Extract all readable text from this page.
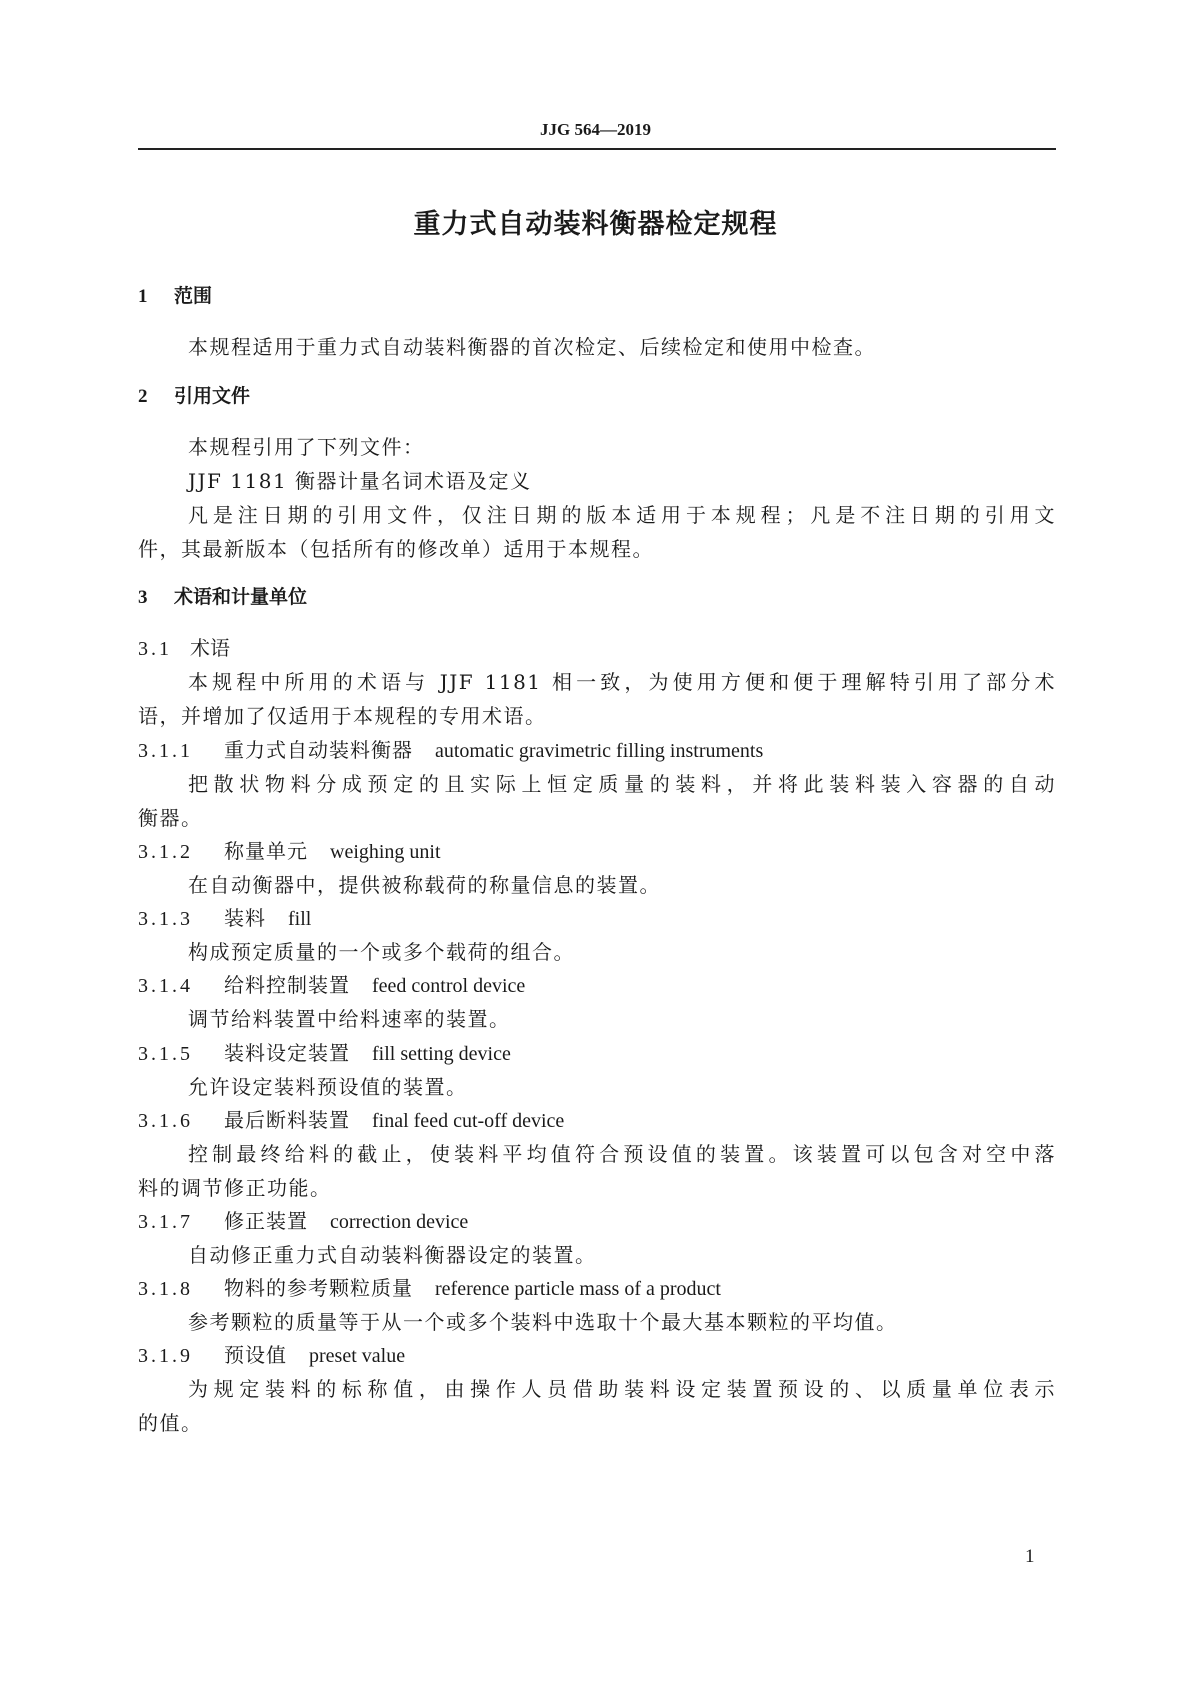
JJG 564—2019
重力式自动装料衡器检定规程
1 范围
本规程适用于重力式自动装料衡器的首次检定、后续检定和使用中检查。
2 引用文件
本规程引用了下列文件：
JJF 1181 衡器计量名词术语及定义
凡是注日期的引用文件，仅注日期的版本适用于本规程；凡是不注日期的引用文
件，其最新版本（包括所有的修改单）适用于本规程。
3 术语和计量单位
3.1 术语
本规程中所用的术语与 JJF 1181 相一致，为使用方便和便于理解特引用了部分术
语，并增加了仅适用于本规程的专用术语。
3.1.1 重力式自动装料衡器 automatic gravimetric filling instruments
把散状物料分成预定的且实际上恒定质量的装料，并将此装料装入容器的自动
衡器。
3.1.2 称量单元 weighing unit
在自动衡器中，提供被称载荷的称量信息的装置。
3.1.3 装料 fill
构成预定质量的一个或多个载荷的组合。
3.1.4 给料控制装置 feed control device
调节给料装置中给料速率的装置。
3.1.5 装料设定装置 fill setting device
允许设定装料预设值的装置。
3.1.6 最后断料装置 final feed cut-off device
控制最终给料的截止，使装料平均值符合预设值的装置。该装置可以包含对空中落
料的调节修正功能。
3.1.7 修正装置 correction device
自动修正重力式自动装料衡器设定的装置。
3.1.8 物料的参考颗粒质量 reference particle mass of a product
参考颗粒的质量等于从一个或多个装料中选取十个最大基本颗粒的平均值。
3.1.9 预设值 preset value
为规定装料的标称值，由操作人员借助装料设定装置预设的、以质量单位表示
的值。
1
